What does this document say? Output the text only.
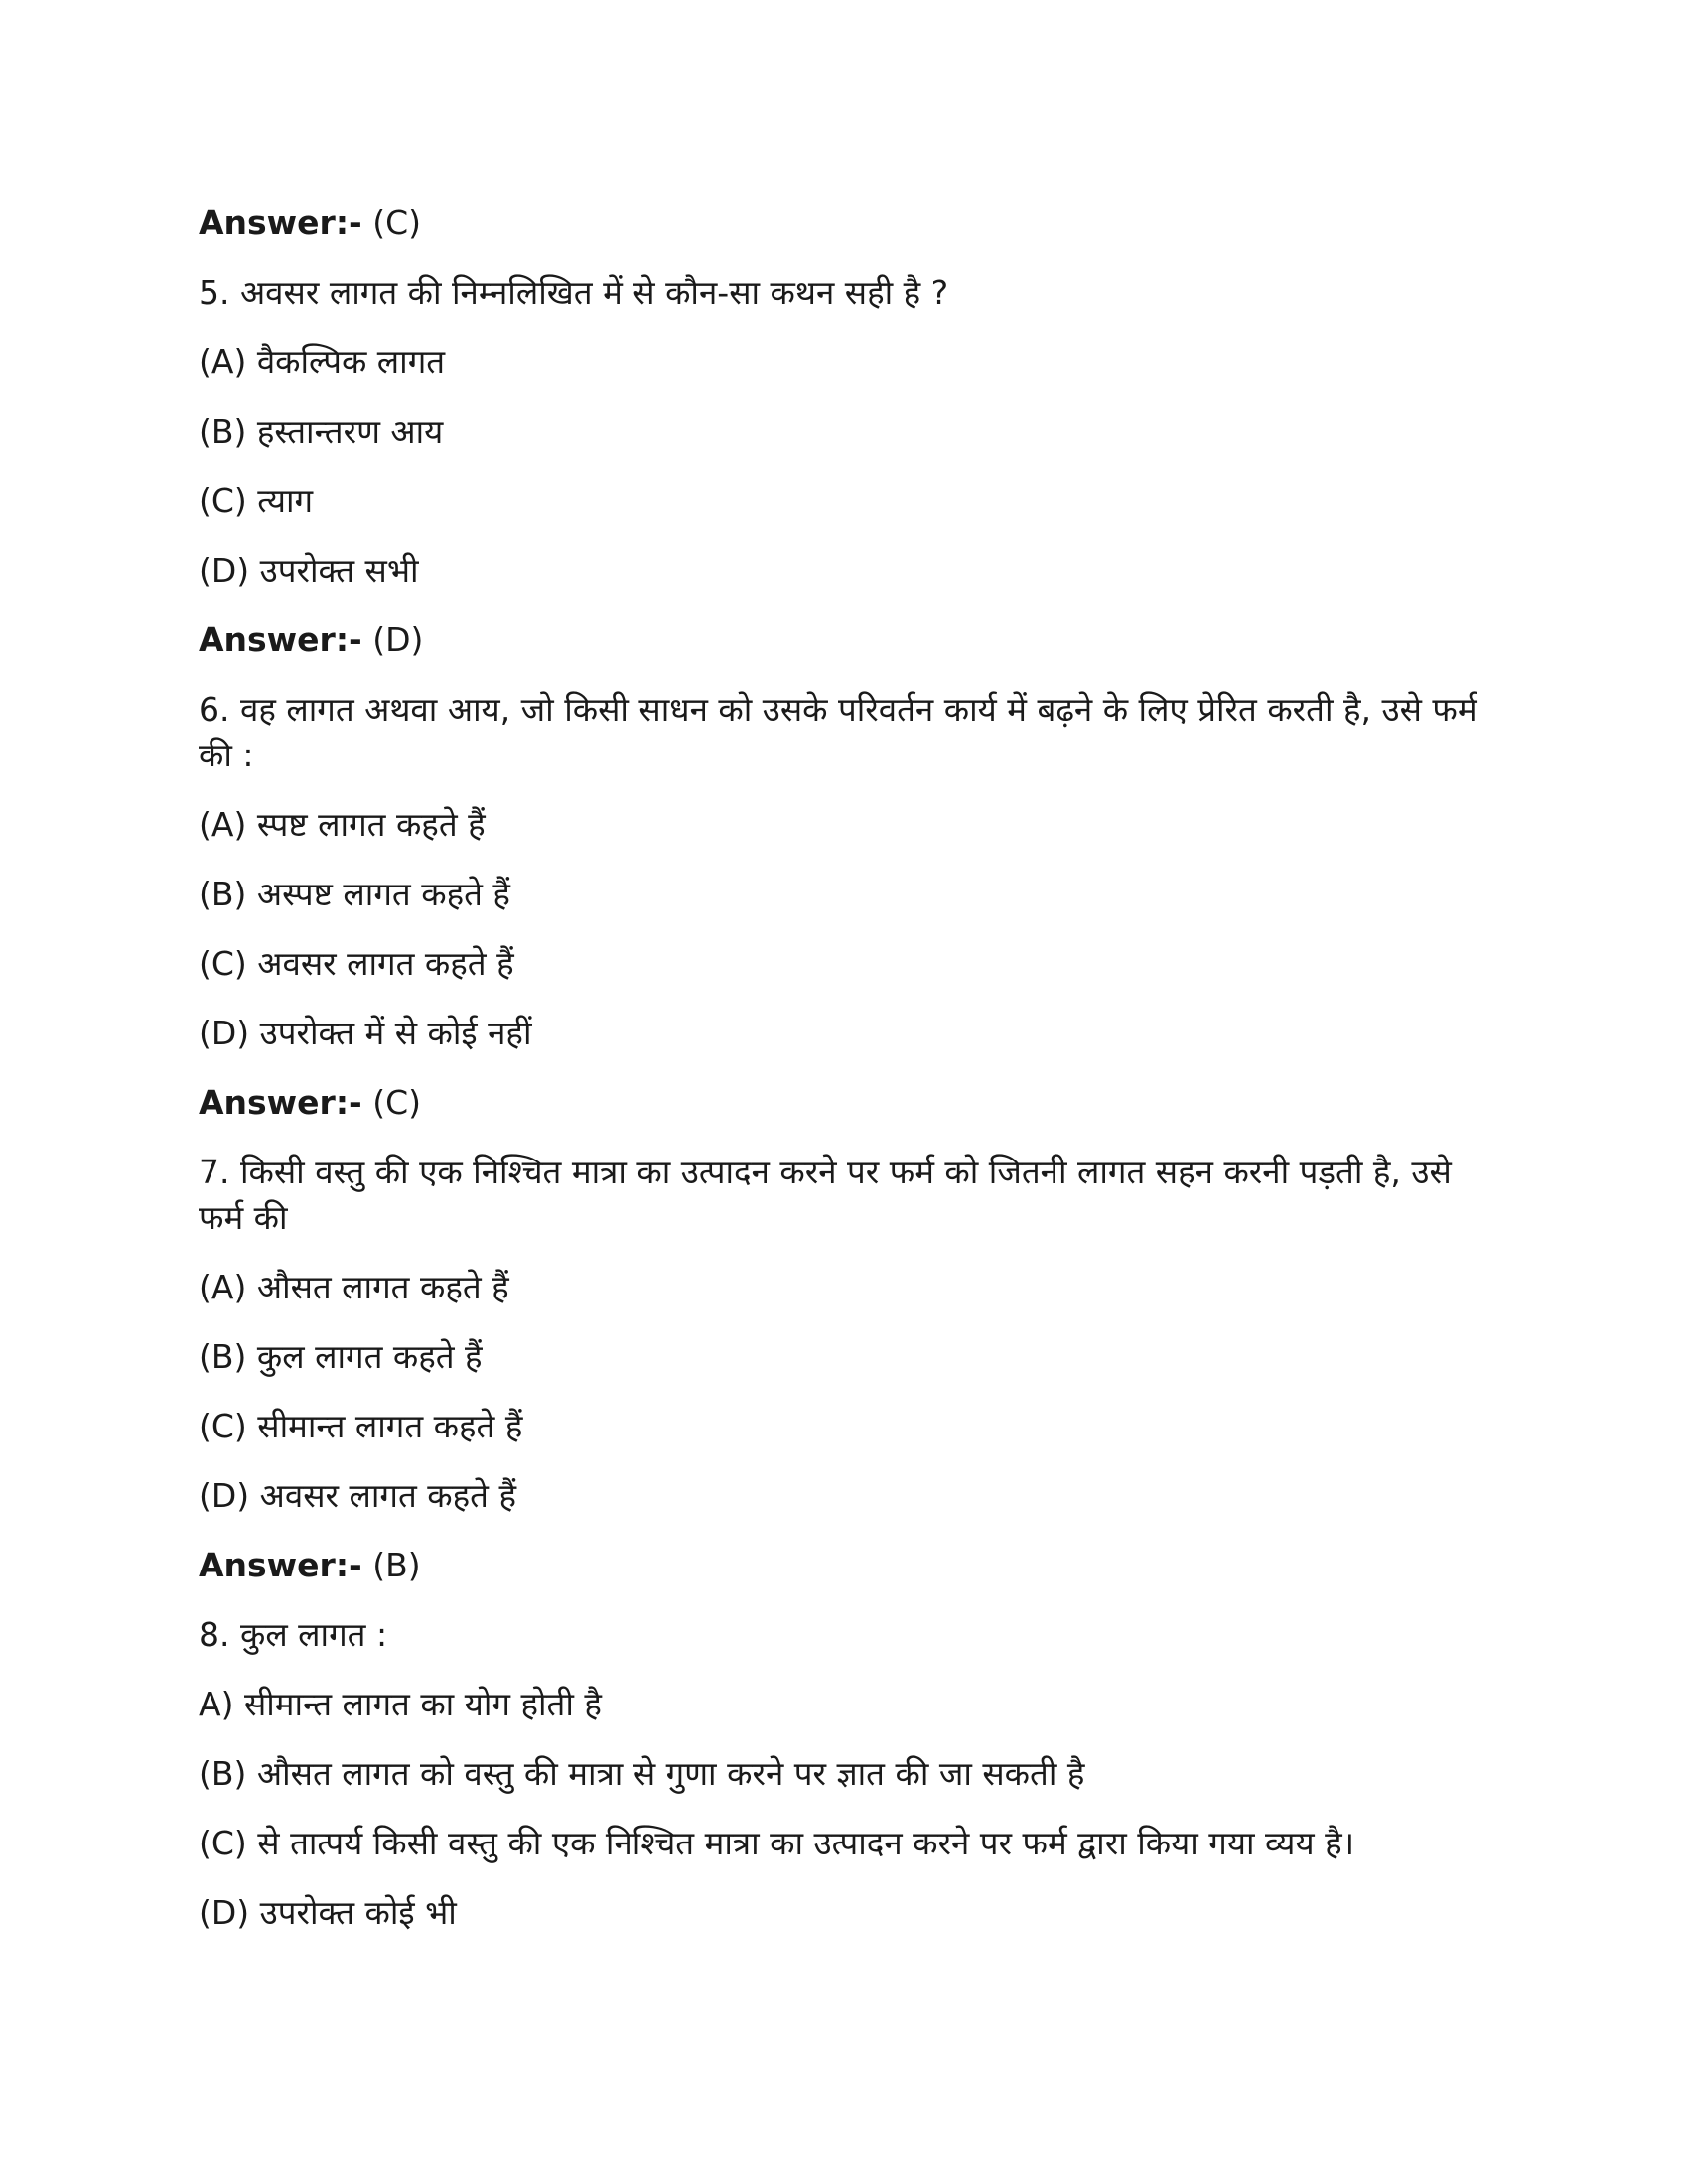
Answer:- (C)

5. अवसर लागत की निम्नलिखित में से कौन-सा कथन सही है ?

(A) वैकल्पिक लागत

(B) हस्तान्तरण आय

(C) त्याग

(D) उपरोक्त सभी

Answer:- (D)

6. वह लागत अथवा आय, जो किसी साधन को उसके परिवर्तन कार्य में बढ़ने के लिए प्रेरित करती है, उसे फर्म की :

(A) स्पष्ट लागत कहते हैं

(B) अस्पष्ट लागत कहते हैं

(C) अवसर लागत कहते हैं

(D) उपरोक्त में से कोई नहीं

Answer:- (C)

7. किसी वस्तु की एक निश्चित मात्रा का उत्पादन करने पर फर्म को जितनी लागत सहन करनी पड़ती है, उसे फर्म की

(A) औसत लागत कहते हैं

(B) कुल लागत कहते हैं

(C) सीमान्त लागत कहते हैं

(D) अवसर लागत कहते हैं

Answer:- (B)

8. कुल लागत :

A) सीमान्त लागत का योग होती है

(B) औसत लागत को वस्तु की मात्रा से गुणा करने पर ज्ञात की जा सकती है

(C) से तात्पर्य किसी वस्तु की एक निश्चित मात्रा का उत्पादन करने पर फर्म द्वारा किया गया व्यय है।

(D) उपरोक्त कोई भी
